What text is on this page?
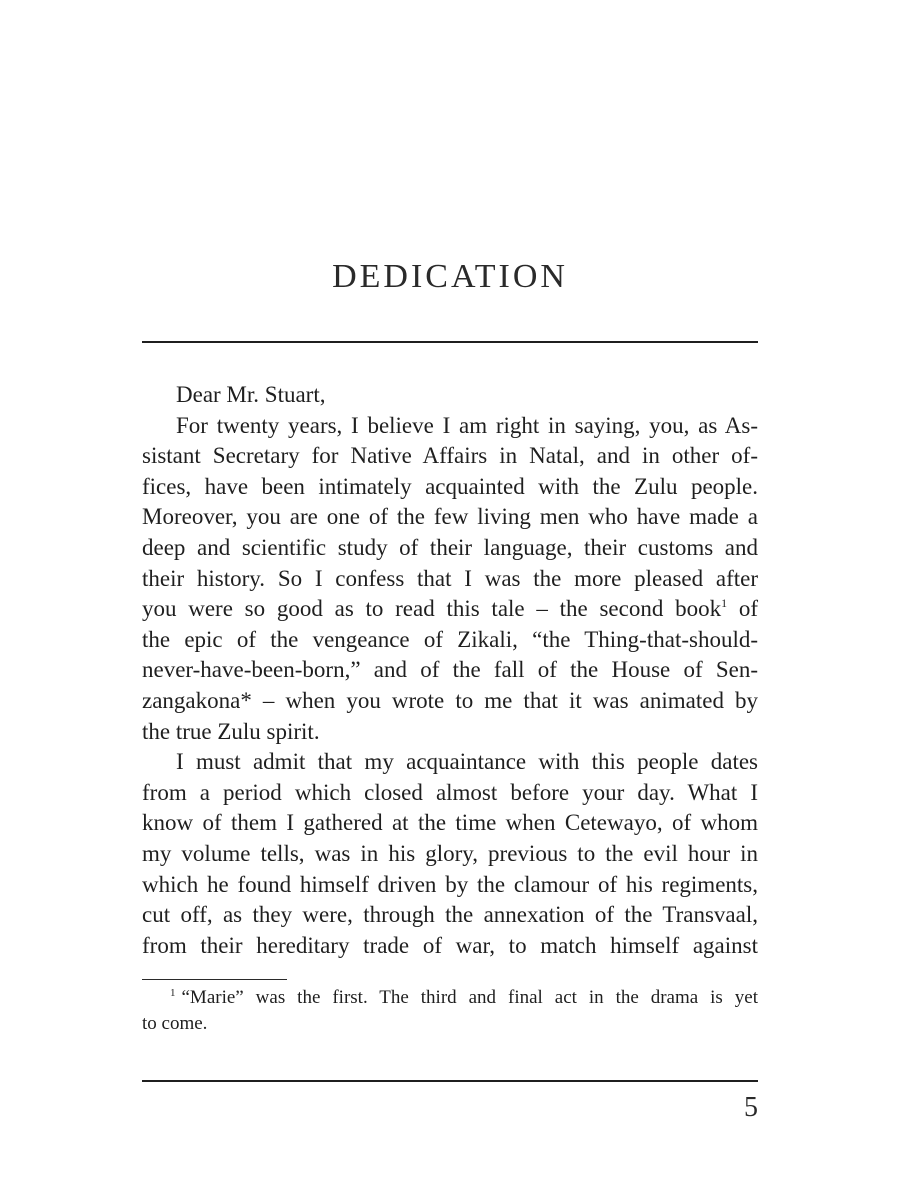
DEDICATION
Dear Mr. Stuart,
For twenty years, I believe I am right in saying, you, as As-
sistant Secretary for Native Affairs in Natal, and in other of-
fices, have been intimately acquainted with the Zulu people.
Moreover, you are one of the few living men who have made a
deep and scientific study of their language, their customs and
their history. So I confess that I was the more pleased after
you were so good as to read this tale – the second book$^1$ of
the epic of the vengeance of Zikali, “the Thing-that-should-
never-have-been-born,” and of the fall of the House of Sen-
zangakona* – when you wrote to me that it was animated by
the true Zulu spirit.
I must admit that my acquaintance with this people dates
from a period which closed almost before your day. What I
know of them I gathered at the time when Cetewayo, of whom
my volume tells, was in his glory, previous to the evil hour in
which he found himself driven by the clamour of his regiments,
cut off, as they were, through the annexation of the Transvaal,
from their hereditary trade of war, to match himself against
$^1$ “Marie” was the first. The third and final act in the drama is yet
to come.
5
